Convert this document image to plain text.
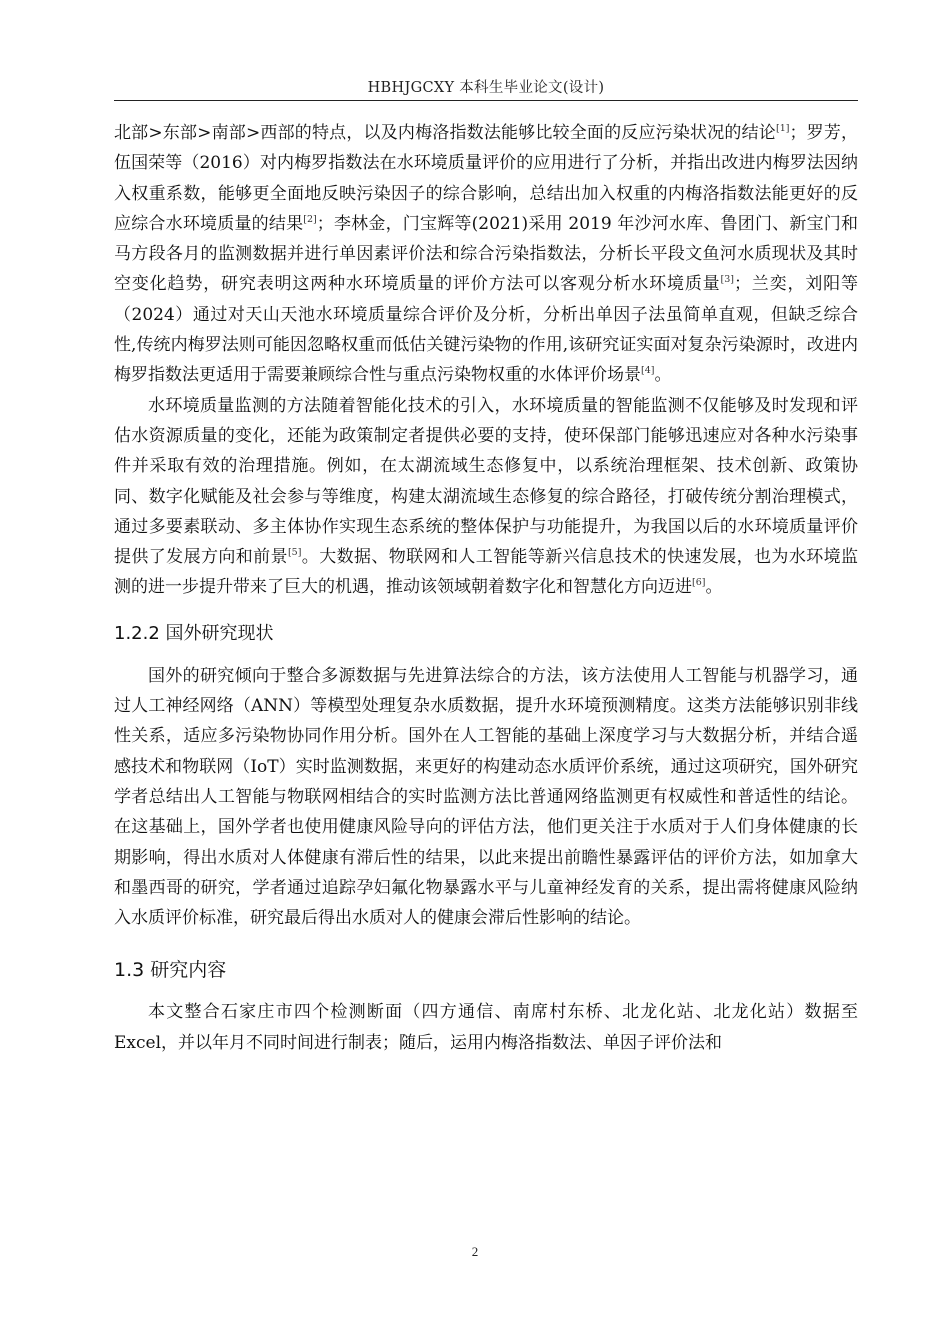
HBHJGCXY 本科生毕业论文(设计)

北部>东部>南部>西部的特点，以及内梅洛指数法能够比较全面的反应污染状况的结论[1]；罗芳，伍国荣等（2016）对内梅罗指数法在水环境质量评价的应用进行了分析，并指出改进内梅罗法因纳入权重系数，能够更全面地反映污染因子的综合影响，总结出加入权重的内梅洛指数法能更好的反应综合水环境质量的结果[2]；李林金，门宝辉等(2021)采用 2019 年沙河水库、鲁团门、新宝门和马方段各月的监测数据并进行单因素评价法和综合污染指数法，分析长平段文鱼河水质现状及其时空变化趋势，研究表明这两种水环境质量的评价方法可以客观分析水环境质量[3]；兰奕，刘阳等（2024）通过对天山天池水环境质量综合评价及分析，分析出单因子法虽简单直观，但缺乏综合性,传统内梅罗法则可能因忽略权重而低估关键污染物的作用,该研究证实面对复杂污染源时，改进内梅罗指数法更适用于需要兼顾综合性与重点污染物权重的水体评价场景[4]。

水环境质量监测的方法随着智能化技术的引入，水环境质量的智能监测不仅能够及时发现和评估水资源质量的变化，还能为政策制定者提供必要的支持，使环保部门能够迅速应对各种水污染事件并采取有效的治理措施。例如，在太湖流域生态修复中，以系统治理框架、技术创新、政策协同、数字化赋能及社会参与等维度，构建太湖流域生态修复的综合路径，打破传统分割治理模式，通过多要素联动、多主体协作实现生态系统的整体保护与功能提升，为我国以后的水环境质量评价提供了发展方向和前景[5]。大数据、物联网和人工智能等新兴信息技术的快速发展，也为水环境监测的进一步提升带来了巨大的机遇，推动该领域朝着数字化和智慧化方向迈进[6]。

1.2.2 国外研究现状

国外的研究倾向于整合多源数据与先进算法综合的方法，该方法使用人工智能与机器学习，通过人工神经网络（ANN）等模型处理复杂水质数据，提升水环境预测精度。这类方法能够识别非线性关系，适应多污染物协同作用分析。国外在人工智能的基础上深度学习与大数据分析，并结合遥感技术和物联网（IoT）实时监测数据，来更好的构建动态水质评价系统，通过这项研究，国外研究学者总结出人工智能与物联网相结合的实时监测方法比普通网络监测更有权威性和普适性的结论。在这基础上，国外学者也使用健康风险导向的评估方法，他们更关注于水质对于人们身体健康的长期影响，得出水质对人体健康有滞后性的结果，以此来提出前瞻性暴露评估的评价方法，如加拿大和墨西哥的研究，学者通过追踪孕妇氟化物暴露水平与儿童神经发育的关系，提出需将健康风险纳入水质评价标准，研究最后得出水质对人的健康会滞后性影响的结论。

1.3 研究内容

本文整合石家庄市四个检测断面（四方通信、南席村东桥、北龙化站、北龙化站）数据至 Excel，并以年月不同时间进行制表；随后，运用内梅洛指数法、单因子评价法和

2
